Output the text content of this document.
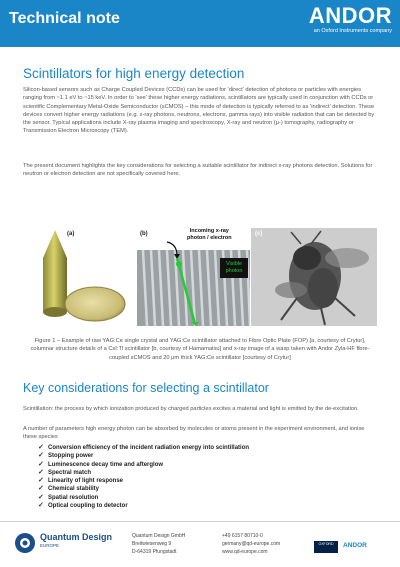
Technical note	ANDOR
an Oxford Instruments company
Scintillators for high energy detection
Silicon-based sensors such as Charge Coupled Devices (CCDs) can be used for ‘direct’ detection of photons or particles with energies ranging from ~1.1 eV to ~15 keV. In order to ‘see’ these higher energy radiations, scintillators are typically used in conjunction with CCDs or scientific Complementary Metal-Oxide Semiconductor (sCMOS) – this mode of detection is typically referred to as ‘indirect’ detection. These devices convert higher energy radiations (e.g. x-ray photons, neutrons, electrons, gamma rays) into visible radiation that can be detected by the sensor. Typical applications include X-ray plasma imaging and spectroscopy, X-ray and neutron (μ-) tomography, radiography or Transmission Electron Microscopy (TEM).
The present document highlights the key considerations for selecting a suitable scintillator for indirect x-ray photons detection. Solutions for neutron or electron detection are not specifically covered here.
(a)	(b)	Incoming x-ray
photon / electron
Visible
photon
(c)
Figure 1 – Example of raw YAG:Ce single crystal and YAG:Ce scintillator attached to Fibre Optic Plate (FOP) [a, courtesy of Crytur], columnar structure details of a CsI:Tl scintillator [b, courtesy of Hamamatsu] and x-ray image of a wasp taken with Andor Zyla-HF fibre-coupled sCMOS and 20 μm thick YAG:Ce scintillator [courtesy of Crytur]
Key considerations for selecting a scintillator
Scintillation: the process by which ionization produced by charged particles excites a material and light is emitted by the de-excitation.
A number of parameters high energy photon can be absorbed by molecules or atoms present in the experiment environment, and ionise these species
✓ Conversion efficiency of the incident radiation energy into scintillation
✓ Stopping power
✓ Luminescence decay time and afterglow
✓ Spectral match
✓ Linearity of light response
✓ Chemical stability
✓ Spatial resolution
✓ Optical coupling to detector
Quantum Design
EUROPE
Quantum Design GmbH
Breitwiesenweg 9
D-64319 Pfungstadt
+49 6157 80710-0
germany@qd-europe.com
www.qd-europe.com
OXFORD	ANDOR
